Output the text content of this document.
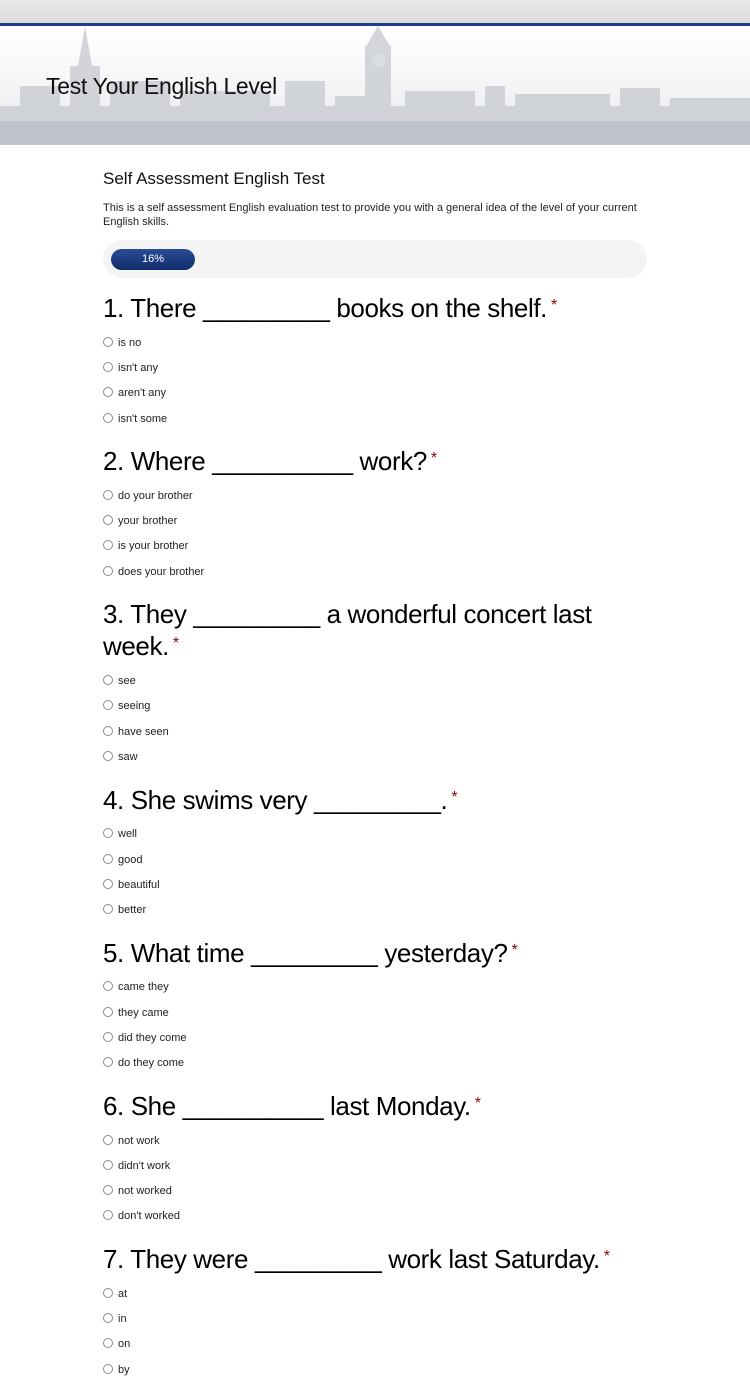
Test Your English Level
Self Assessment English Test

This is a self assessment English evaluation test to provide you with a general idea of the level of your current English skills.

16%
1. There _________ books on the shelf. *
is no
isn't any
aren't any
isn't some
2. Where __________ work? *
do your brother
your brother
is your brother
does your brother
3. They _________ a wonderful concert last week. *
see
seeing
have seen
saw
4. She swims very _________. *
well
good
beautiful
better
5. What time _________ yesterday? *
came they
they came
did they come
do they come
6. She __________ last Monday. *
not work
didn't work
not worked
don't worked
7. They were _________ work last Saturday. *
at
in
on
by
